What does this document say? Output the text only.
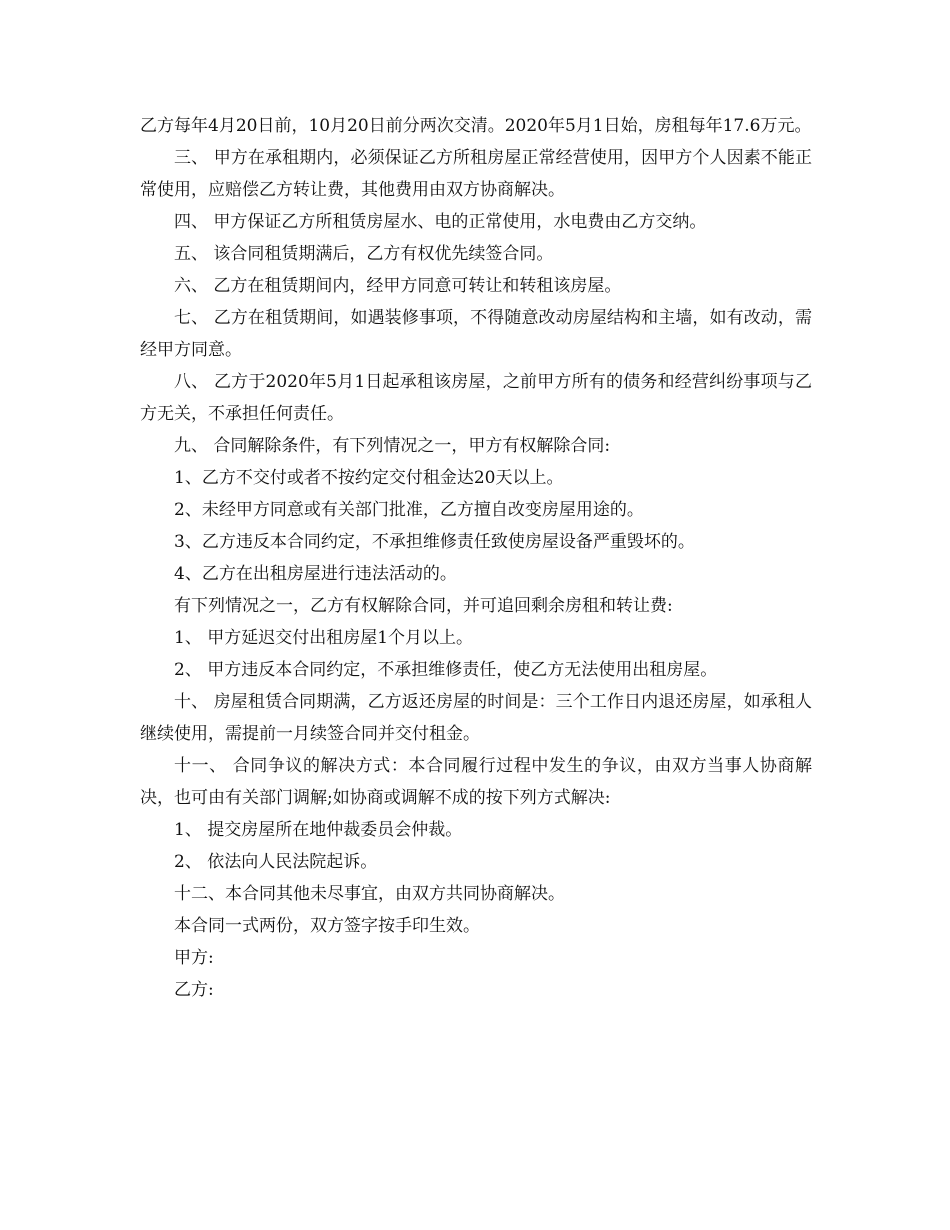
乙方每年4月20日前，10月20日前分两次交清。2020年5月1日始，房租每年17.6万元。

三、 甲方在承租期内，必须保证乙方所租房屋正常经营使用，因甲方个人因素不能正常使用，应赔偿乙方转让费，其他费用由双方协商解决。

四、 甲方保证乙方所租赁房屋水、电的正常使用，水电费由乙方交纳。

五、 该合同租赁期满后，乙方有权优先续签合同。

六、 乙方在租赁期间内，经甲方同意可转让和转租该房屋。

七、 乙方在租赁期间，如遇装修事项，不得随意改动房屋结构和主墙，如有改动，需经甲方同意。

八、 乙方于2020年5月1日起承租该房屋，之前甲方所有的债务和经营纠纷事项与乙方无关，不承担任何责任。

九、 合同解除条件，有下列情况之一，甲方有权解除合同:

1、乙方不交付或者不按约定交付租金达20天以上。

2、未经甲方同意或有关部门批准，乙方擅自改变房屋用途的。

3、乙方违反本合同约定，不承担维修责任致使房屋设备严重毁坏的。

4、乙方在出租房屋进行违法活动的。

有下列情况之一，乙方有权解除合同，并可追回剩余房租和转让费:

1、 甲方延迟交付出租房屋1个月以上。

2、 甲方违反本合同约定，不承担维修责任，使乙方无法使用出租房屋。

十、 房屋租赁合同期满，乙方返还房屋的时间是：三个工作日内退还房屋，如承租人继续使用，需提前一月续签合同并交付租金。

十一、 合同争议的解决方式：本合同履行过程中发生的争议，由双方当事人协商解决，也可由有关部门调解;如协商或调解不成的按下列方式解决:

1、 提交房屋所在地仲裁委员会仲裁。

2、 依法向人民法院起诉。

十二、本合同其他未尽事宜，由双方共同协商解决。

本合同一式两份，双方签字按手印生效。

甲方:

乙方:
